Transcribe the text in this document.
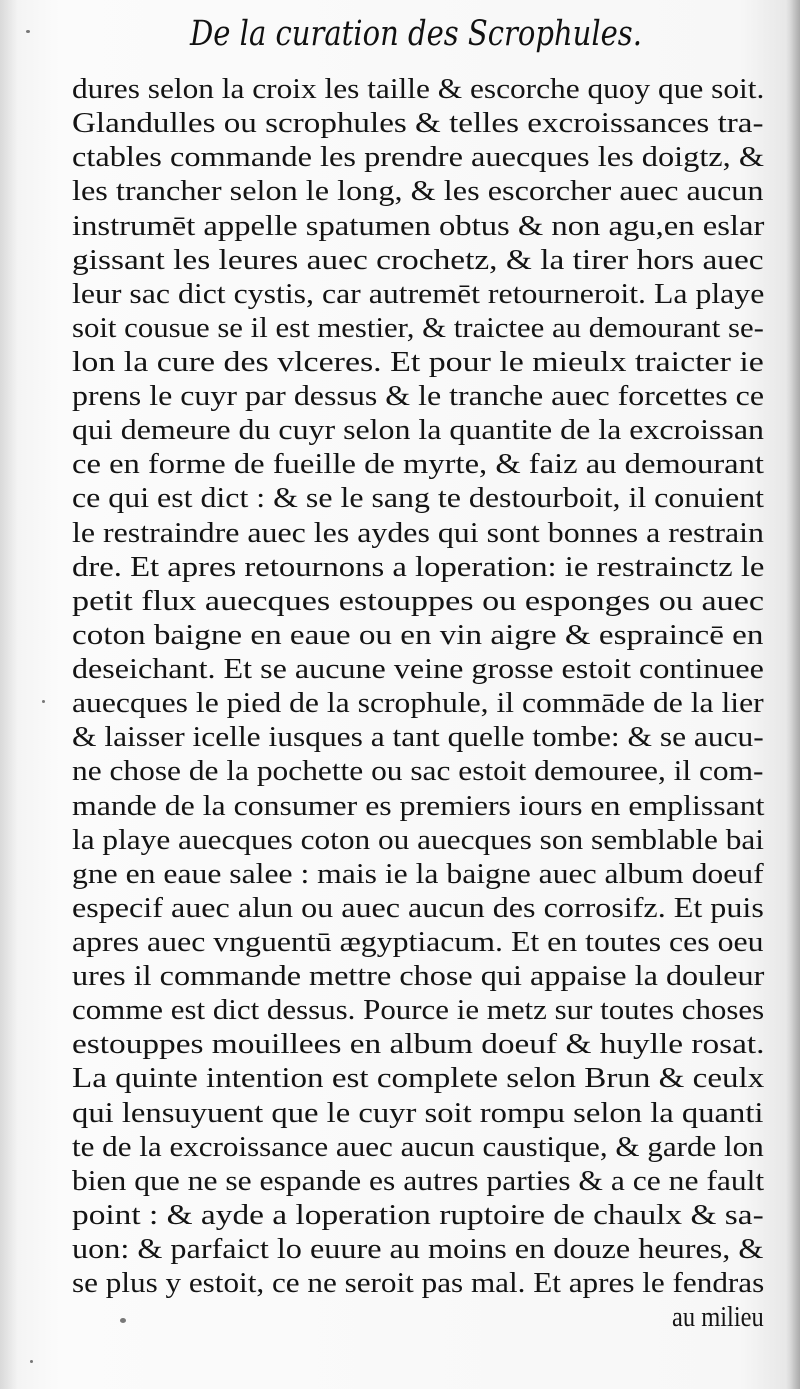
De la curation des Scrophules.
dures selon la croix les taille & escorche quoy que soit.
Glandulles ou scrophules & telles excroissances tra-
ctables commande les prendre auecques les doigtz, &
les trancher selon le long, & les escorcher auec aucun
instrumēt appelle spatumen obtus & non agu,en eslar
gissant les leures auec crochetz, & la tirer hors auec
leur sac dict cystis, car autremēt retourneroit. La playe
soit cousue se il est mestier, & traictee au demourant se-
lon la cure des vlceres. Et pour le mieulx traicter ie
prens le cuyr par dessus & le tranche auec forcettes ce
qui demeure du cuyr selon la quantite de la excroissan
ce en forme de fueille de myrte, & faiz au demourant
ce qui est dict : & se le sang te destourboit, il conuient
le restraindre auec les aydes qui sont bonnes a restrain
dre. Et apres retournons a loperation: ie restrainctz le
petit flux auecques estouppes ou esponges ou auec
coton baigne en eaue ou en vin aigre & espraincē en
deseichant. Et se aucune veine grosse estoit continuee
auecques le pied de la scrophule, il commāde de la lier
& laisser icelle iusques a tant quelle tombe: & se aucu-
ne chose de la pochette ou sac estoit demouree, il com-
mande de la consumer es premiers iours en emplissant
la playe auecques coton ou auecques son semblable bai
gne en eaue salee : mais ie la baigne auec album doeuf
especif auec alun ou auec aucun des corrosifz. Et puis
apres auec vnguentū ægyptiacum. Et en toutes ces oeu
ures il commande mettre chose qui appaise la douleur
comme est dict dessus. Pource ie metz sur toutes choses
estouppes mouillees en album doeuf & huylle rosat.
La quinte intention est complete selon Brun & ceulx
qui lensuyuent que le cuyr soit rompu selon la quanti
te de la excroissance auec aucun caustique, & garde lon
bien que ne se espande es autres parties & a ce ne fault
point : & ayde a loperation ruptoire de chaulx & sa-
uon: & parfaict lo euure au moins en douze heures, &
se plus y estoit, ce ne seroit pas mal. Et apres le fendras
au milieu
